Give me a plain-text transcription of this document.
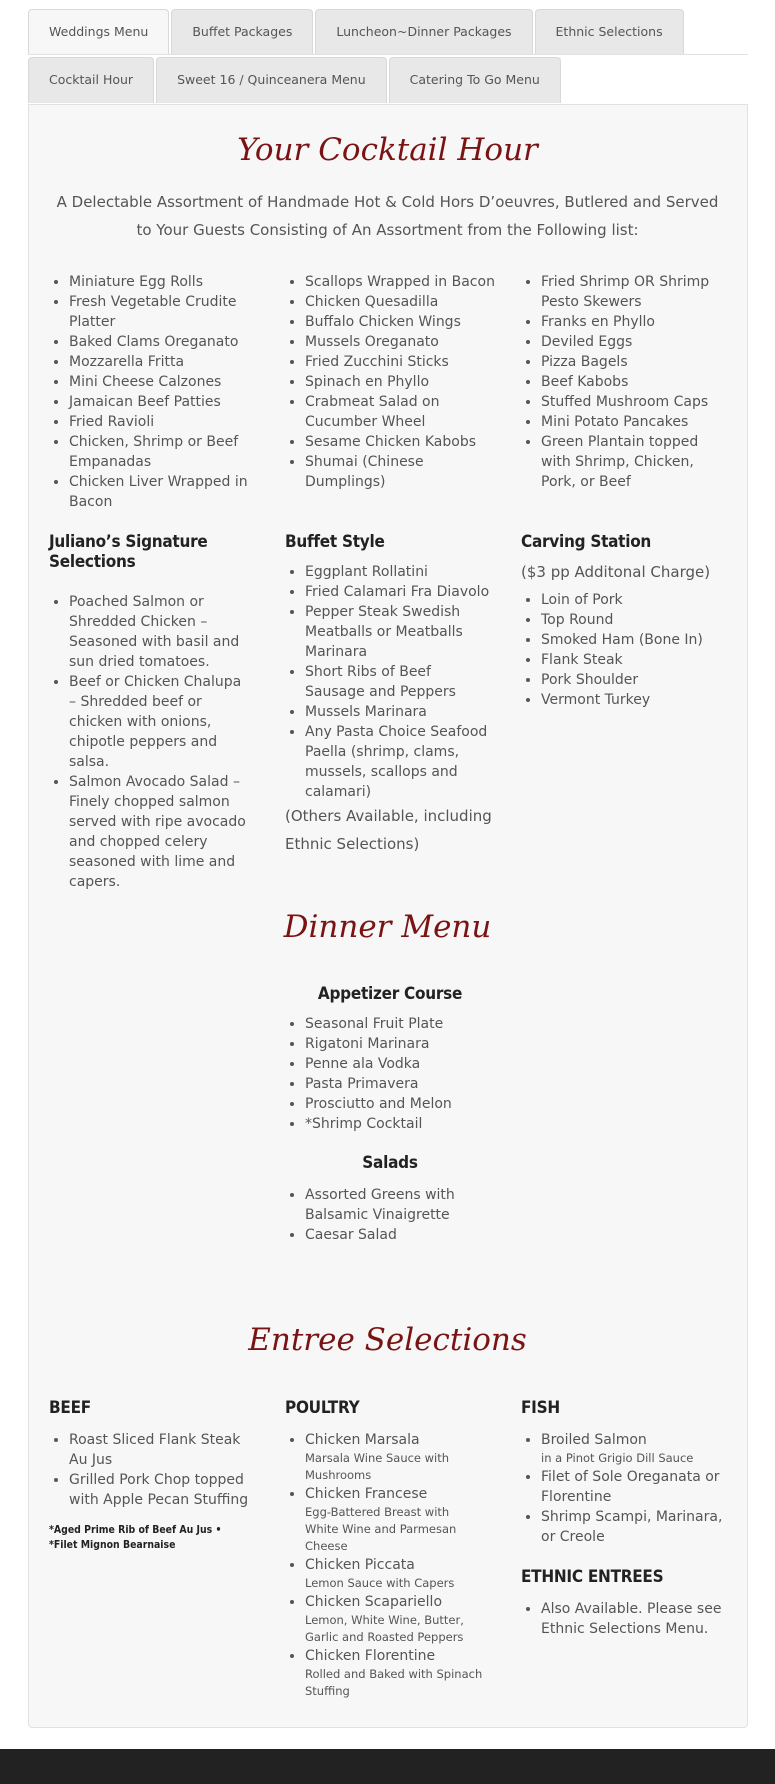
Weddings Menu	Buffet Packages	Luncheon~Dinner Packages	Ethnic Selections
Cocktail Hour	Sweet 16 / Quinceanera Menu	Catering To Go Menu
Your Cocktail Hour
A Delectable Assortment of Handmade Hot & Cold Hors D’oeuvres, Butlered and Served to Your Guests Consisting of An Assortment from the Following list:
• Miniature Egg Rolls
• Fresh Vegetable Crudite Platter
• Baked Clams Oreganato
• Mozzarella Fritta
• Mini Cheese Calzones
• Jamaican Beef Patties
• Fried Ravioli
• Chicken, Shrimp or Beef Empanadas
• Chicken Liver Wrapped in Bacon
• Scallops Wrapped in Bacon
• Chicken Quesadilla
• Buffalo Chicken Wings
• Mussels Oreganato
• Fried Zucchini Sticks
• Spinach en Phyllo
• Crabmeat Salad on Cucumber Wheel
• Sesame Chicken Kabobs
• Shumai (Chinese Dumplings)
• Fried Shrimp OR Shrimp Pesto Skewers
• Franks en Phyllo
• Deviled Eggs
• Pizza Bagels
• Beef Kabobs
• Stuffed Mushroom Caps
• Mini Potato Pancakes
• Green Plantain topped with Shrimp, Chicken, Pork, or Beef
Juliano’s Signature Selections
• Poached Salmon or Shredded Chicken – Seasoned with basil and sun dried tomatoes.
• Beef or Chicken Chalupa – Shredded beef or chicken with onions, chipotle peppers and salsa.
• Salmon Avocado Salad – Finely chopped salmon served with ripe avocado and chopped celery seasoned with lime and capers.
Buffet Style
• Eggplant Rollatini
• Fried Calamari Fra Diavolo
• Pepper Steak Swedish Meatballs or Meatballs Marinara
• Short Ribs of Beef Sausage and Peppers
• Mussels Marinara
• Any Pasta Choice Seafood Paella (shrimp, clams, mussels, scallops and calamari)
(Others Available, including Ethnic Selections)
Carving Station
($3 pp Additonal Charge)
• Loin of Pork
• Top Round
• Smoked Ham (Bone In)
• Flank Steak
• Pork Shoulder
• Vermont Turkey
Dinner Menu
Appetizer Course
• Seasonal Fruit Plate
• Rigatoni Marinara
• Penne ala Vodka
• Pasta Primavera
• Prosciutto and Melon
• *Shrimp Cocktail
Salads
• Assorted Greens with Balsamic Vinaigrette
• Caesar Salad
Entree Selections
BEEF
• Roast Sliced Flank Steak Au Jus
• Grilled Pork Chop topped with Apple Pecan Stuffing
*Aged Prime Rib of Beef Au Jus • *Filet Mignon Bearnaise
POULTRY
• Chicken Marsala
Marsala Wine Sauce with Mushrooms
• Chicken Francese
Egg-Battered Breast with White Wine and Parmesan Cheese
• Chicken Piccata
Lemon Sauce with Capers
• Chicken Scapariello
Lemon, White Wine, Butter, Garlic and Roasted Peppers
• Chicken Florentine
Rolled and Baked with Spinach Stuffing
FISH
• Broiled Salmon
in a Pinot Grigio Dill Sauce
• Filet of Sole Oreganata or Florentine
• Shrimp Scampi, Marinara, or Creole
ETHNIC ENTREES
• Also Available. Please see Ethnic Selections Menu.
